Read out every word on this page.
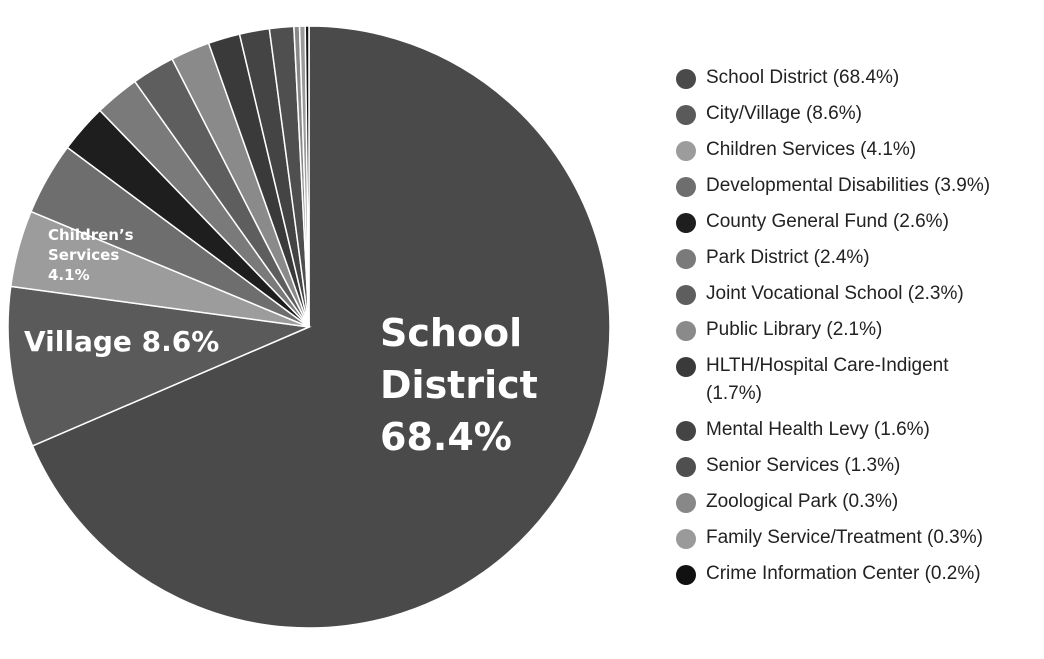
School District 68.4%
Village 8.6%
Children’s Services 4.1%
School District (68.4%)
City/Village (8.6%)
Children Services (4.1%)
Developmental Disabilities (3.9%)
County General Fund (2.6%)
Park District (2.4%)
Joint Vocational School (2.3%)
Public Library (2.1%)
HLTH/Hospital Care-Indigent (1.7%)
Mental Health Levy (1.6%)
Senior Services (1.3%)
Zoological Park (0.3%)
Family Service/Treatment (0.3%)
Crime Information Center (0.2%)
